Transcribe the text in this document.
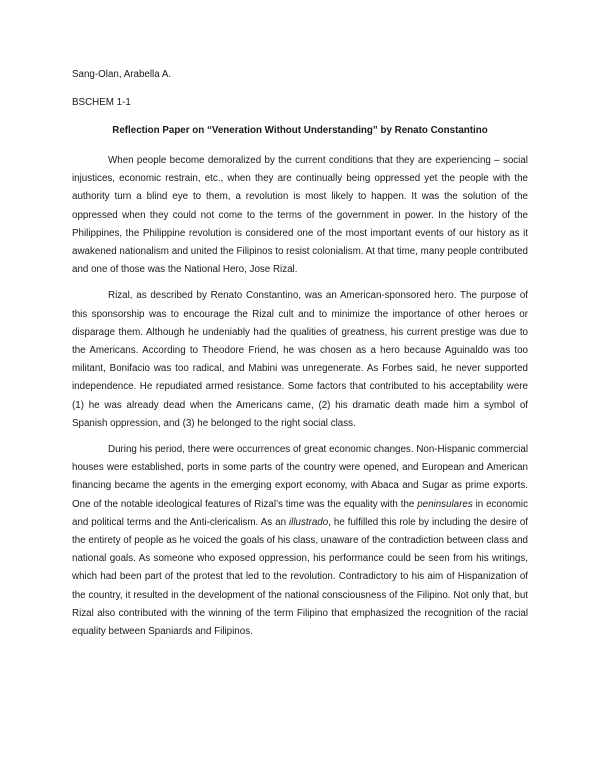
Sang-Olan, Arabella A.

BSCHEM 1-1

Reflection Paper on “Veneration Without Understanding” by Renato Constantino

When people become demoralized by the current conditions that they are experiencing – social injustices, economic restrain, etc., when they are continually being oppressed yet the people with the authority turn a blind eye to them, a revolution is most likely to happen. It was the solution of the oppressed when they could not come to the terms of the government in power. In the history of the Philippines, the Philippine revolution is considered one of the most important events of our history as it awakened nationalism and united the Filipinos to resist colonialism. At that time, many people contributed and one of those was the National Hero, Jose Rizal.

Rizal, as described by Renato Constantino, was an American-sponsored hero. The purpose of this sponsorship was to encourage the Rizal cult and to minimize the importance of other heroes or disparage them. Although he undeniably had the qualities of greatness, his current prestige was due to the Americans. According to Theodore Friend, he was chosen as a hero because Aguinaldo was too militant, Bonifacio was too radical, and Mabini was unregenerate. As Forbes said, he never supported independence. He repudiated armed resistance. Some factors that contributed to his acceptability were (1) he was already dead when the Americans came, (2) his dramatic death made him a symbol of Spanish oppression, and (3) he belonged to the right social class.

During his period, there were occurrences of great economic changes. Non-Hispanic commercial houses were established, ports in some parts of the country were opened, and European and American financing became the agents in the emerging export economy, with Abaca and Sugar as prime exports. One of the notable ideological features of Rizal’s time was the equality with the peninsulares in economic and political terms and the Anti-clericalism. As an illustrado, he fulfilled this role by including the desire of the entirety of people as he voiced the goals of his class, unaware of the contradiction between class and national goals. As someone who exposed oppression, his performance could be seen from his writings, which had been part of the protest that led to the revolution. Contradictory to his aim of Hispanization of the country, it resulted in the development of the national consciousness of the Filipino. Not only that, but Rizal also contributed with the winning of the term Filipino that emphasized the recognition of the racial equality between Spaniards and Filipinos.
